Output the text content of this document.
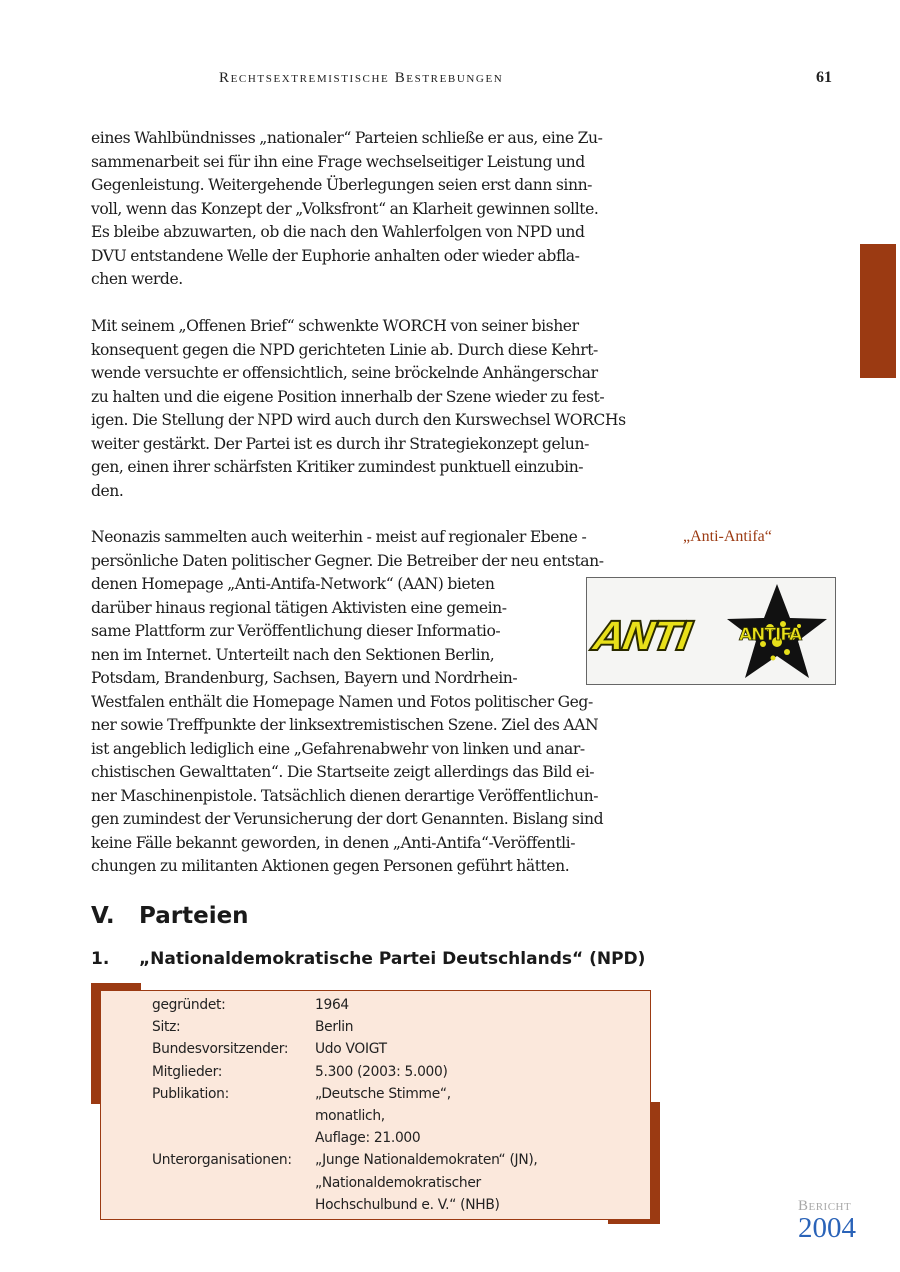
Rechtsextremistische Bestrebungen	61
eines Wahlbündnisses „nationaler“ Parteien schließe er aus, eine Zu-
sammenarbeit sei für ihn eine Frage wechselseitiger Leistung und
Gegenleistung. Weitergehende Überlegungen seien erst dann sinn-
voll, wenn das Konzept der „Volksfront“ an Klarheit gewinnen sollte.
Es bleibe abzuwarten, ob die nach den Wahlerfolgen von NPD und
DVU entstandene Welle der Euphorie anhalten oder wieder abfla-
chen werde.
Mit seinem „Offenen Brief“ schwenkte WORCH von seiner bisher
konsequent gegen die NPD gerichteten Linie ab. Durch diese Kehrt-
wende versuchte er offensichtlich, seine bröckelnde Anhängerschar
zu halten und die eigene Position innerhalb der Szene wieder zu fest-
igen. Die Stellung der NPD wird auch durch den Kurswechsel WORCHs
weiter gestärkt. Der Partei ist es durch ihr Strategiekonzept gelun-
gen, einen ihrer schärfsten Kritiker zumindest punktuell einzubin-
den.
Neonazis sammelten auch weiterhin - meist auf regionaler Ebene -
persönliche Daten politischer Gegner. Die Betreiber der neu entstan-
denen Homepage „Anti-Antifa-Network“ (AAN) bieten
darüber hinaus regional tätigen Aktivisten eine gemein-
same Plattform zur Veröffentlichung dieser Informatio-
nen im Internet. Unterteilt nach den Sektionen Berlin,
Potsdam, Brandenburg, Sachsen, Bayern und Nordrhein-
Westfalen enthält die Homepage Namen und Fotos politischer Geg-
ner sowie Treffpunkte der linksextremistischen Szene. Ziel des AAN
ist angeblich lediglich eine „Gefahrenabwehr von linken und anar-
chistischen Gewalttaten“. Die Startseite zeigt allerdings das Bild ei-
ner Maschinenpistole. Tatsächlich dienen derartige Veröffentlichun-
gen zumindest der Verunsicherung der dort Genannten. Bislang sind
keine Fälle bekannt geworden, in denen „Anti-Antifa“-Veröffentli-
chungen zu militanten Aktionen gegen Personen geführt hätten.
„Anti-Antifa“
ANTI	ANTIFA
V. Parteien
1. „Nationaldemokratische Partei Deutschlands“ (NPD)
gegründet:	1964

Sitz:	Berlin

Bundesvorsitzender:	Udo VOIGT

Mitglieder:	5.300 (2003: 5.000)

Publikation:	„Deutsche Stimme“,
monatlich,
Auflage: 21.000

Unterorganisationen:	„Junge Nationaldemokraten“ (JN),
„Nationaldemokratischer
Hochschulbund e. V.“ (NHB)	Bericht
2004
